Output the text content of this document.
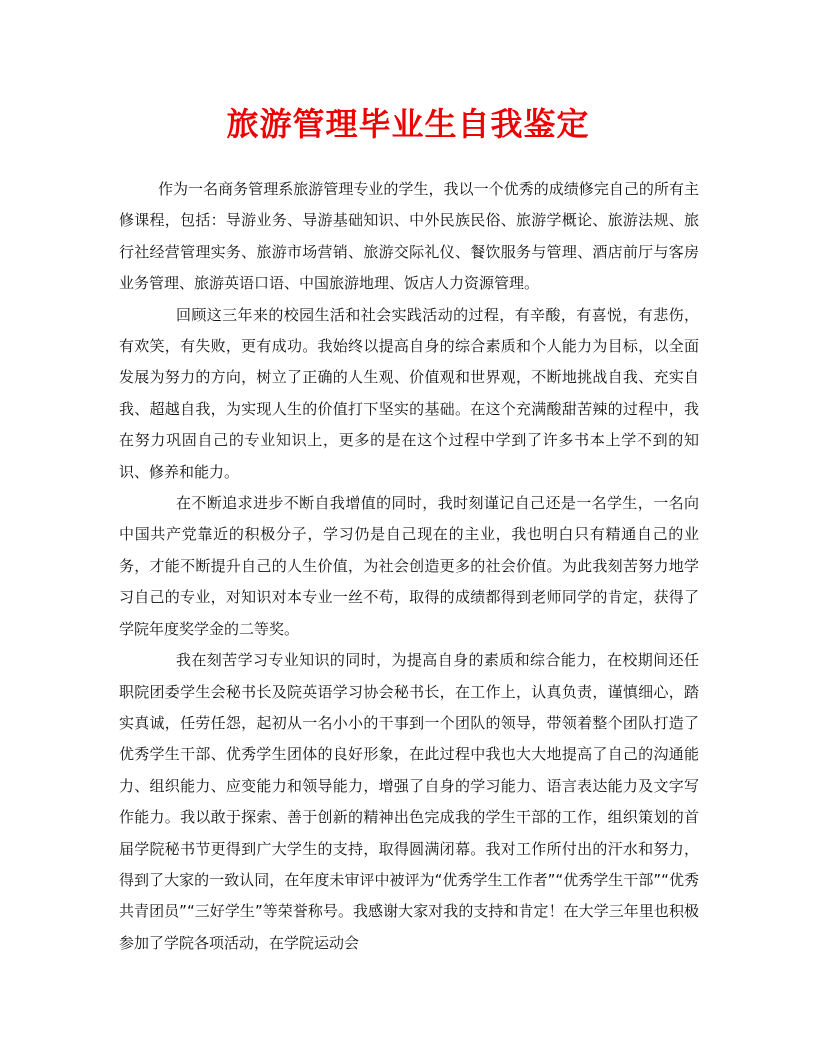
旅游管理毕业生自我鉴定

作为一名商务管理系旅游管理专业的学生，我以一个优秀的成绩修完自己的所有主修课程，包括：导游业务、导游基础知识、中外民族民俗、旅游学概论、旅游法规、旅行社经营管理实务、旅游市场营销、旅游交际礼仪、餐饮服务与管理、酒店前厅与客房业务管理、旅游英语口语、中国旅游地理、饭店人力资源管理。

回顾这三年来的校园生活和社会实践活动的过程，有辛酸，有喜悦，有悲伤，有欢笑，有失败，更有成功。我始终以提高自身的综合素质和个人能力为目标，以全面发展为努力的方向，树立了正确的人生观、价值观和世界观，不断地挑战自我、充实自我、超越自我，为实现人生的价值打下坚实的基础。在这个充满酸甜苦辣的过程中，我在努力巩固自己的专业知识上，更多的是在这个过程中学到了许多书本上学不到的知识、修养和能力。

在不断追求进步不断自我增值的同时，我时刻谨记自己还是一名学生，一名向中国共产党靠近的积极分子，学习仍是自己现在的主业，我也明白只有精通自己的业务，才能不断提升自己的人生价值，为社会创造更多的社会价值。为此我刻苦努力地学习自己的专业，对知识对本专业一丝不苟，取得的成绩都得到老师同学的肯定，获得了学院年度奖学金的二等奖。

我在刻苦学习专业知识的同时，为提高自身的素质和综合能力，在校期间还任职院团委学生会秘书长及院英语学习协会秘书长，在工作上，认真负责，谨慎细心，踏实真诚，任劳任怨，起初从一名小小的干事到一个团队的领导，带领着整个团队打造了优秀学生干部、优秀学生团体的良好形象，在此过程中我也大大地提高了自己的沟通能力、组织能力、应变能力和领导能力，增强了自身的学习能力、语言表达能力及文字写作能力。我以敢于探索、善于创新的精神出色完成我的学生干部的工作，组织策划的首届学院秘书节更得到广大学生的支持，取得圆满闭幕。我对工作所付出的汗水和努力，得到了大家的一致认同，在年度未审评中被评为“优秀学生工作者”“优秀学生干部”“优秀共青团员”“三好学生”等荣誉称号。我感谢大家对我的支持和肯定！在大学三年里也积极参加了学院各项活动，在学院运动会
